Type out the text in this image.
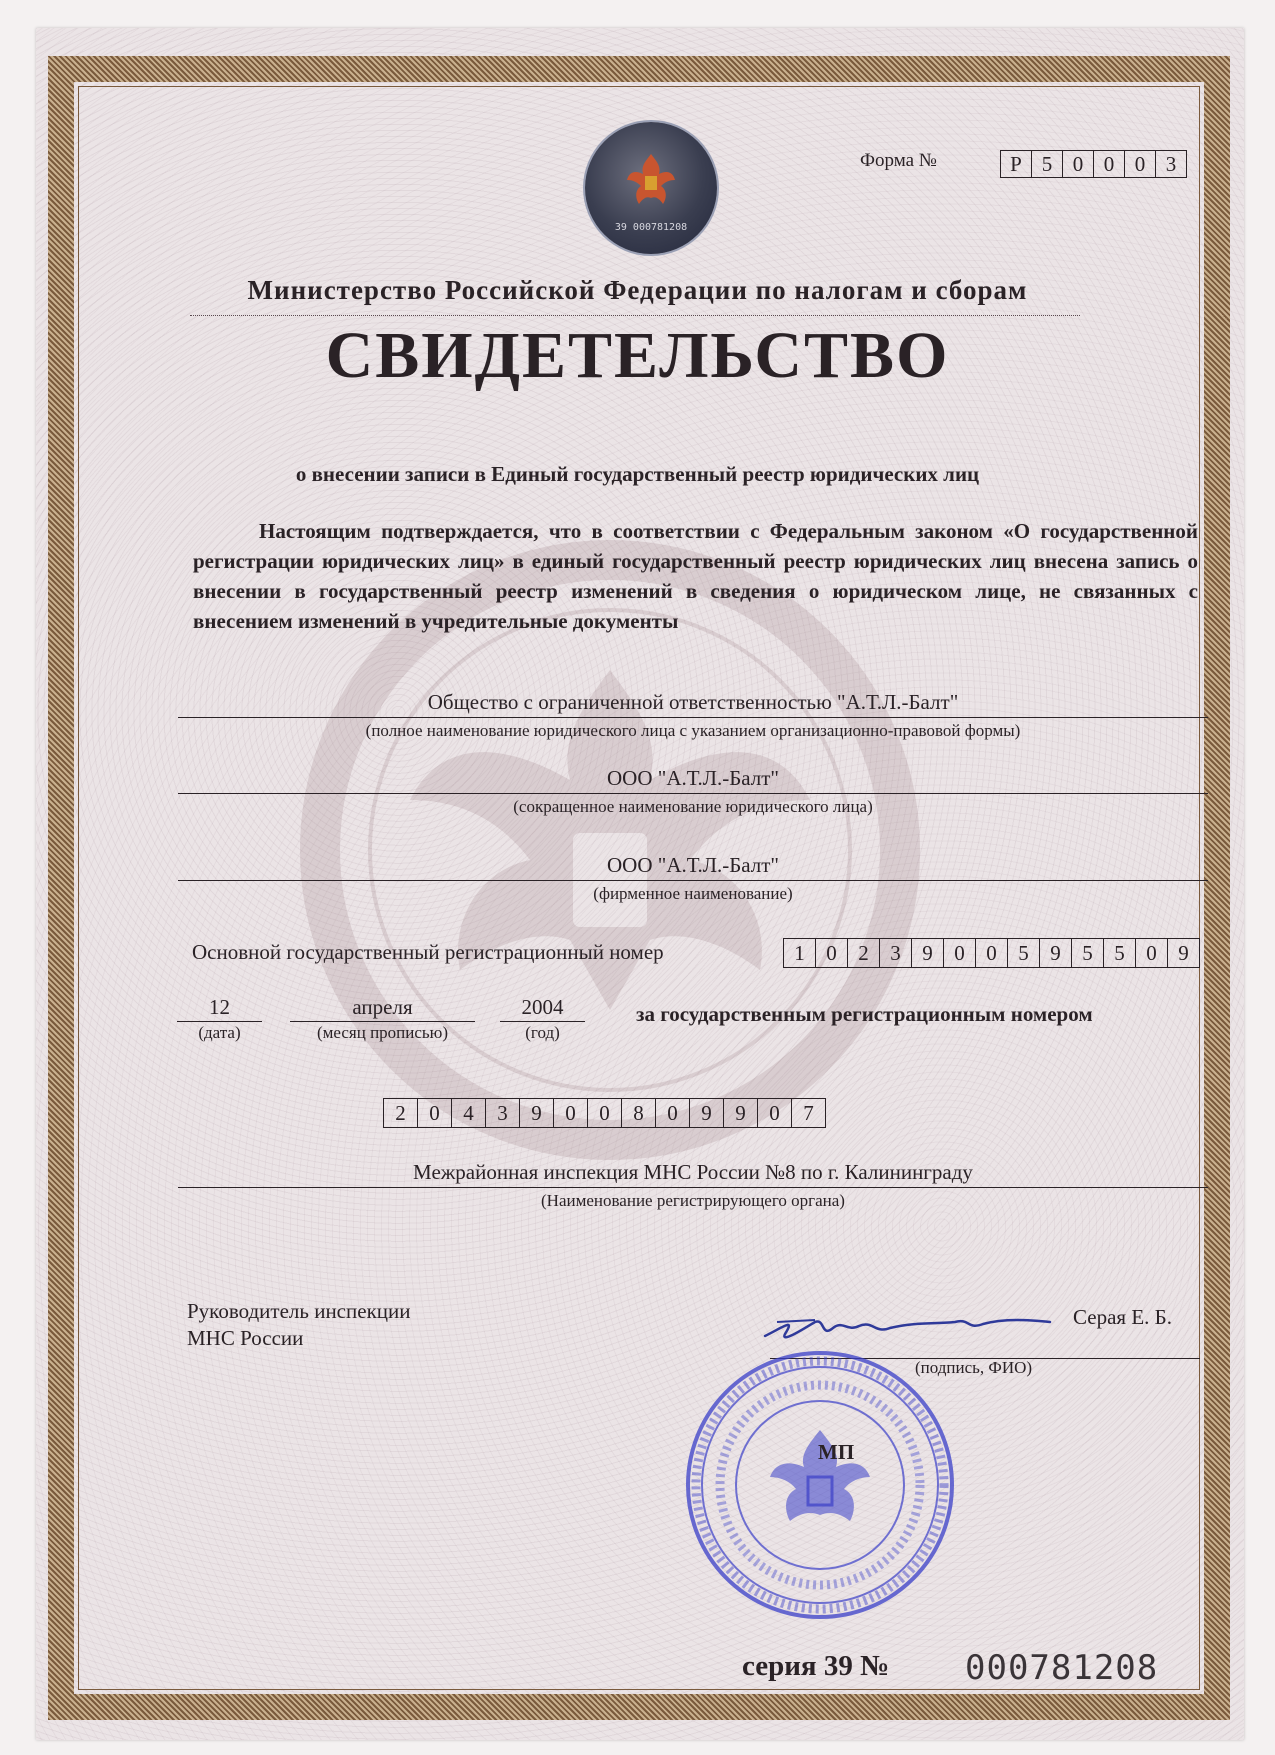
39 000781208
Форма №	Р 5 0 0 0 3
Министерство Российской Федерации по налогам и сборам
СВИДЕТЕЛЬСТВО
о внесении записи в Единый государственный реестр юридических лиц
Настоящим подтверждается, что в соответствии с Федеральным законом «О государственной регистрации юридических лиц» в единый государственный реестр юридических лиц внесена запись о внесении в государственный реестр изменений в сведения о юридическом лице, не связанных с внесением изменений в учредительные документы
Общество с ограниченной ответственностью "А.Т.Л.-Балт"
(полное наименование юридического лица с указанием организационно-правовой формы)
ООО "А.Т.Л.-Балт"
(сокращенное наименование юридического лица)
ООО "А.Т.Л.-Балт"
(фирменное наименование)
Основной государственный регистрационный номер	1	0	2	3	9	0	0	5	9	5	5	0	9
12
(дата)
апреля
(месяц прописью)
2004
(год)
за государственным регистрационным номером
2	0	4	3	9	0	0	8	0	9	9	0	7
Межрайонная инспекция МНС России №8 по г. Калининграду
(Наименование регистрирующего органа)
Руководитель инспекции
МНС России
Серая Е. Б.
(подпись, ФИО)
МП
серия 39 № 000781208
